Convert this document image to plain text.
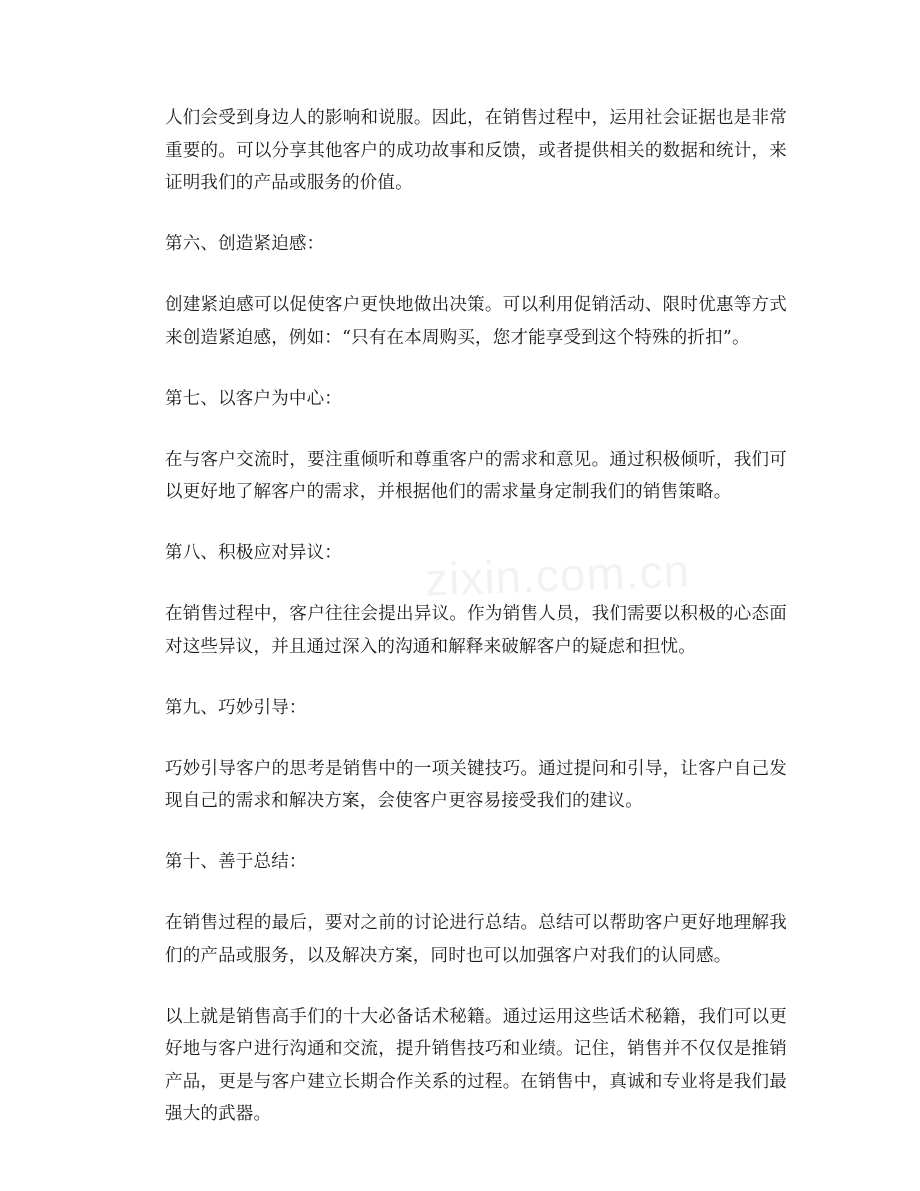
人们会受到身边人的影响和说服。因此，在销售过程中，运用社会证据也是非常重要的。可以分享其他客户的成功故事和反馈，或者提供相关的数据和统计，来证明我们的产品或服务的价值。

第六、创造紧迫感：

创建紧迫感可以促使客户更快地做出决策。可以利用促销活动、限时优惠等方式来创造紧迫感，例如：“只有在本周购买，您才能享受到这个特殊的折扣”。

第七、以客户为中心：

在与客户交流时，要注重倾听和尊重客户的需求和意见。通过积极倾听，我们可以更好地了解客户的需求，并根据他们的需求量身定制我们的销售策略。

第八、积极应对异议：

在销售过程中，客户往往会提出异议。作为销售人员，我们需要以积极的心态面对这些异议，并且通过深入的沟通和解释来破解客户的疑虑和担忧。

第九、巧妙引导：

巧妙引导客户的思考是销售中的一项关键技巧。通过提问和引导，让客户自己发现自己的需求和解决方案，会使客户更容易接受我们的建议。

第十、善于总结：

在销售过程的最后，要对之前的讨论进行总结。总结可以帮助客户更好地理解我们的产品或服务，以及解决方案，同时也可以加强客户对我们的认同感。

以上就是销售高手们的十大必备话术秘籍。通过运用这些话术秘籍，我们可以更好地与客户进行沟通和交流，提升销售技巧和业绩。记住，销售并不仅仅是推销产品，更是与客户建立长期合作关系的过程。在销售中，真诚和专业将是我们最强大的武器。

zixin.com.cn
